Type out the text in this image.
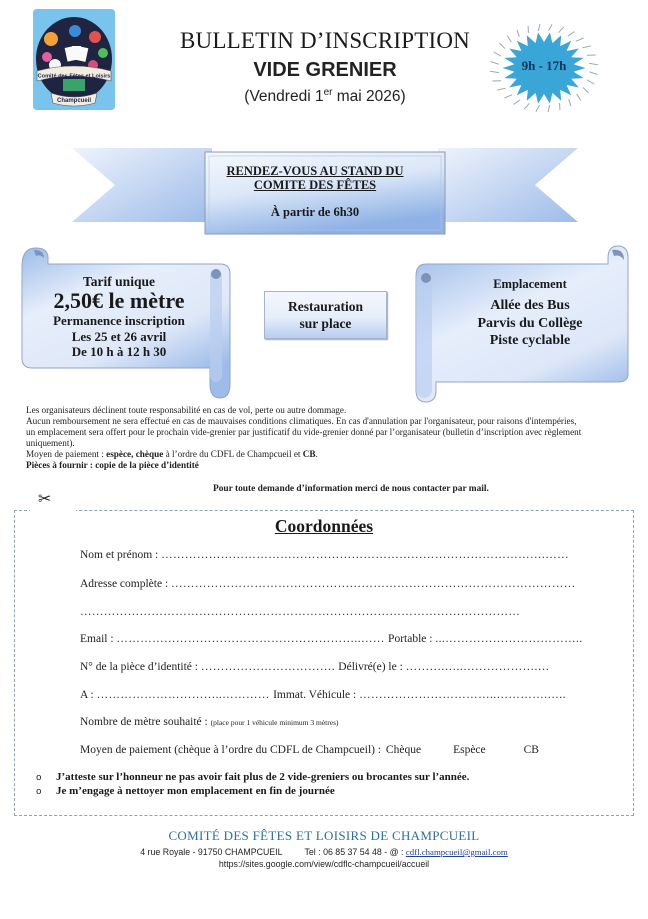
Comité des Fêtes et Loisirs
Champcueil
BULLETIN D’INSCRIPTION
VIDE GRENIER
(Vendredi 1er mai 2026)
9h - 17h
RENDEZ-VOUS AU STAND DU
COMITE DES FÊTES
À partir de 6h30
Tarif unique
2,50€ le mètre
Permanence inscription
Les 25 et 26 avril
De 10 h à 12 h 30
Restauration
sur place
Emplacement
Allée des Bus
Parvis du Collège
Piste cyclable
Les organisateurs déclinent toute responsabilité en cas de vol, perte ou autre dommage.
Aucun remboursement ne sera effectué en cas de mauvaises conditions climatiques. En cas d'annulation par l'organisateur, pour raisons d'intempéries,
un emplacement sera offert pour le prochain vide-grenier par justificatif du vide-grenier donné par l’organisateur (bulletin d’inscription avec règlement
uniquement).
Moyen de paiement : espèce, chèque à l’ordre du CDFL de Champcueil et CB.
Pièces à fournir : copie de la pièce d’identité
Pour toute demande d’information merci de nous contacter par mail.
✂
Coordonnées
Nom et prénom : …………………………………………………………………………………….……
Adresse complète : …………………………………………………………………………………………
…………………………………………………………………………………………………
Email : ……………………………………………………..…… Portable : ...……………………………..
N° de la pièce d’identité : ……………………………. Délivré(e) le : ……….…..……………….…
A : …………………………..………… Immat. Véhicule : ……………………………..………….…..
Nombre de mètre souhaité : (place pour 1 véhicule minimum 3 mètres)
Moyen de paiement (chèque à l’ordre du CDFL de Champcueil) : Chèque	Espèce	CB
o J’atteste sur l’honneur ne pas avoir fait plus de 2 vide-greniers ou brocantes sur l’année.
o Je m’engage à nettoyer mon emplacement en fin de journée
COMITÉ DES FÊTES ET LOISIRS DE CHAMPCUEIL
4 rue Royale - 91750 CHAMPCUEIL	Tel : 06 85 37 54 48 - @ : cdfl.champcueil@gmail.com
https://sites.google.com/view/cdflc-champcueil/accueil
